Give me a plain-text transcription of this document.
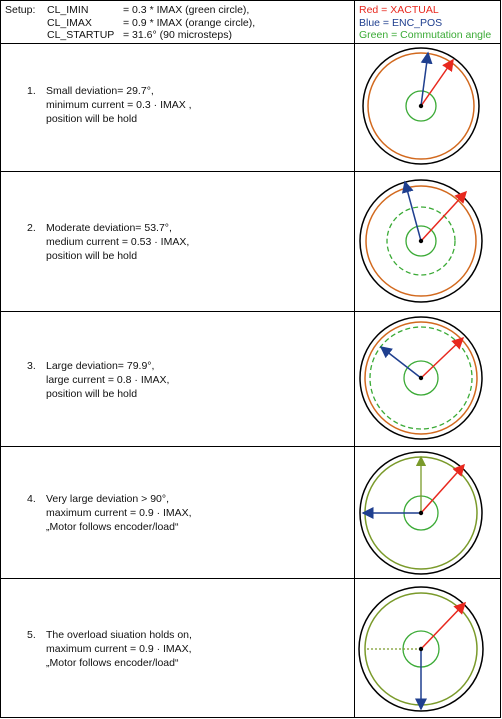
Setup: CL_IMIN	= 0.3 * IMAX (green circle),
CL_IMAX	= 0.9 * IMAX (orange circle),
CL_STARTUP = 31.6° (90 microsteps)
Red = XACTUAL
Blue = ENC_POS
Green = Commutation angle
1. Small deviation= 29.7°,
minimum current = 0.3 · IMAX ,
position will be hold
2. Moderate deviation= 53.7°,
medium current = 0.53 · IMAX,
position will be hold
3. Large deviation= 79.9°,
large current = 0.8 · IMAX,
position will be hold
4. Very large deviation > 90°,
maximum current = 0.9 · IMAX,
„Motor follows encoder/load“
5. The overload siuation holds on,
maximum current = 0.9 · IMAX,
„Motor follows encoder/load“
